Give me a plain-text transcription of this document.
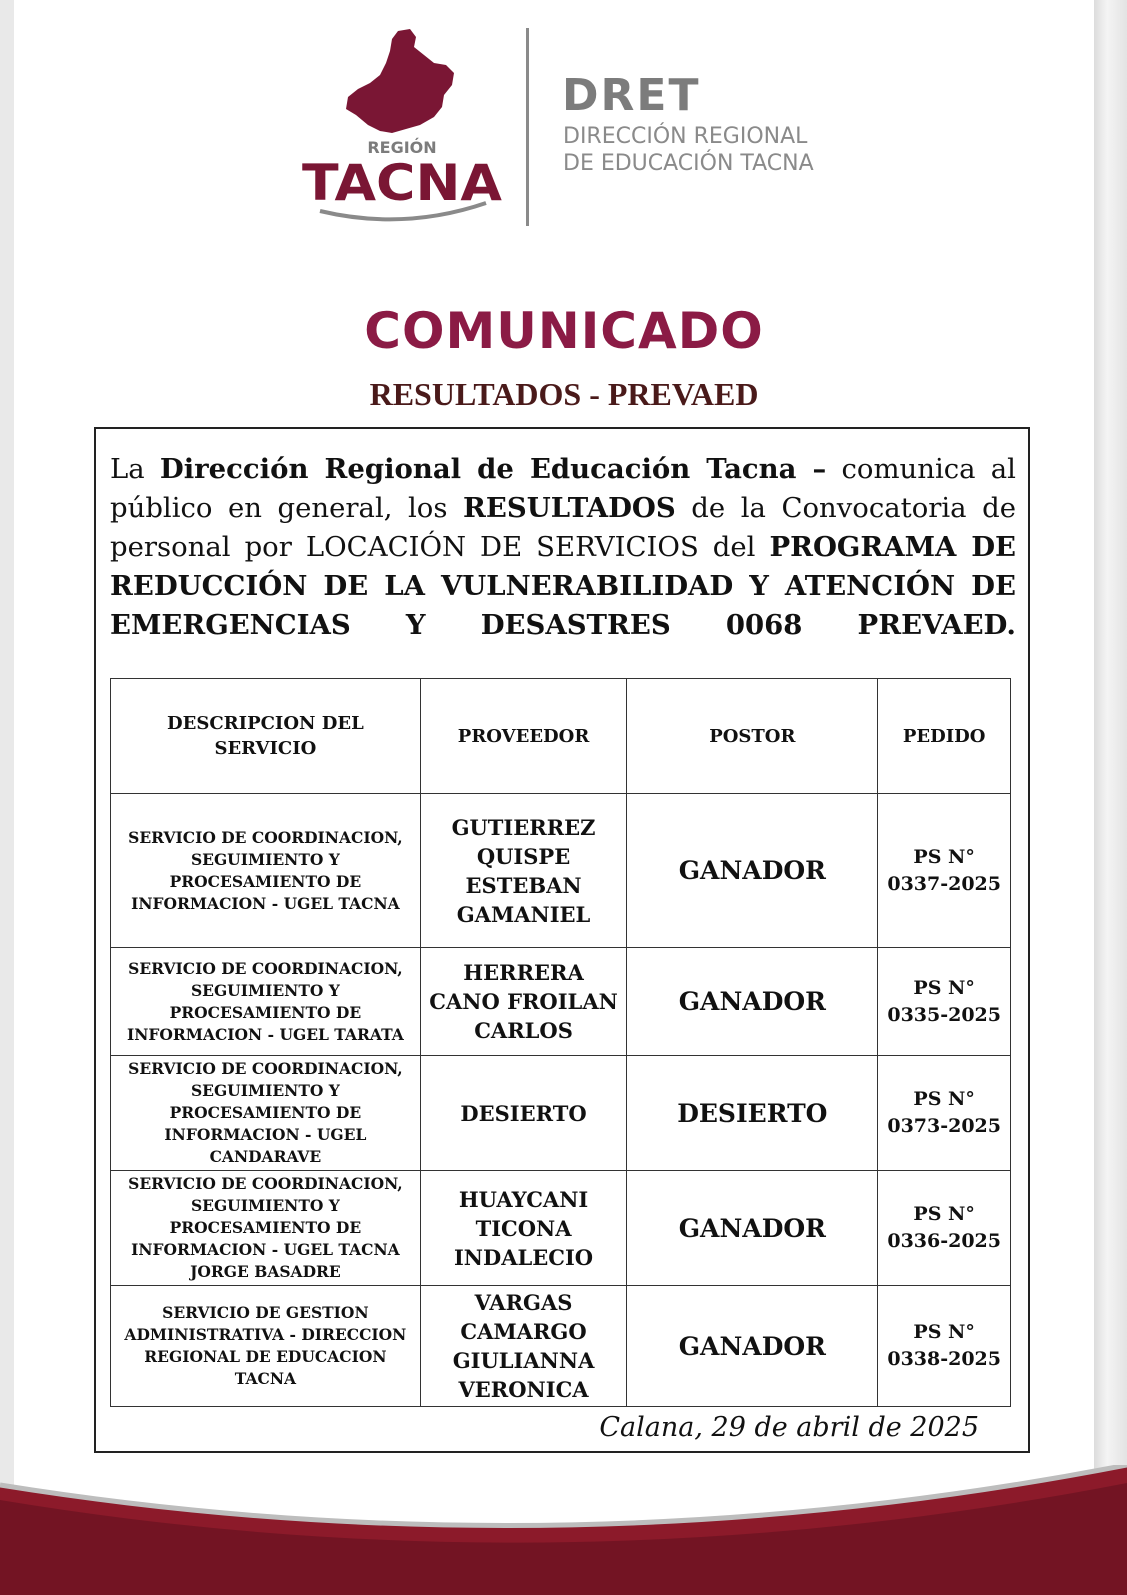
REGIÓN
TACNA
DRET
DIRECCIÓN REGIONAL
DE EDUCACIÓN TACNA
COMUNICADO
RESULTADOS - PREVAED
La Dirección Regional de Educación Tacna – comunica al público en general, los RESULTADOS de la Convocatoria de personal por LOCACIÓN DE SERVICIOS del PROGRAMA DE REDUCCIÓN DE LA VULNERABILIDAD Y ATENCIÓN DE EMERGENCIAS Y DESASTRES 0068 PREVAED.
DESCRIPCION DEL SERVICIO	PROVEEDOR	POSTOR	PEDIDO
SERVICIO DE COORDINACION, SEGUIMIENTO Y PROCESAMIENTO DE INFORMACION - UGEL TACNA	GUTIERREZ QUISPE ESTEBAN GAMANIEL	GANADOR	PS N° 0337-2025
SERVICIO DE COORDINACION, SEGUIMIENTO Y PROCESAMIENTO DE INFORMACION - UGEL TARATA	HERRERA CANO FROILAN CARLOS	GANADOR	PS N° 0335-2025
SERVICIO DE COORDINACION, SEGUIMIENTO Y PROCESAMIENTO DE INFORMACION - UGEL CANDARAVE	DESIERTO	DESIERTO	PS N° 0373-2025
SERVICIO DE COORDINACION, SEGUIMIENTO Y PROCESAMIENTO DE INFORMACION - UGEL TACNA JORGE BASADRE	HUAYCANI TICONA INDALECIO	GANADOR	PS N° 0336-2025
SERVICIO DE GESTION ADMINISTRATIVA - DIRECCION REGIONAL DE EDUCACION TACNA	VARGAS CAMARGO GIULIANNA VERONICA	GANADOR	PS N° 0338-2025
Calana, 29 de abril de 2025
